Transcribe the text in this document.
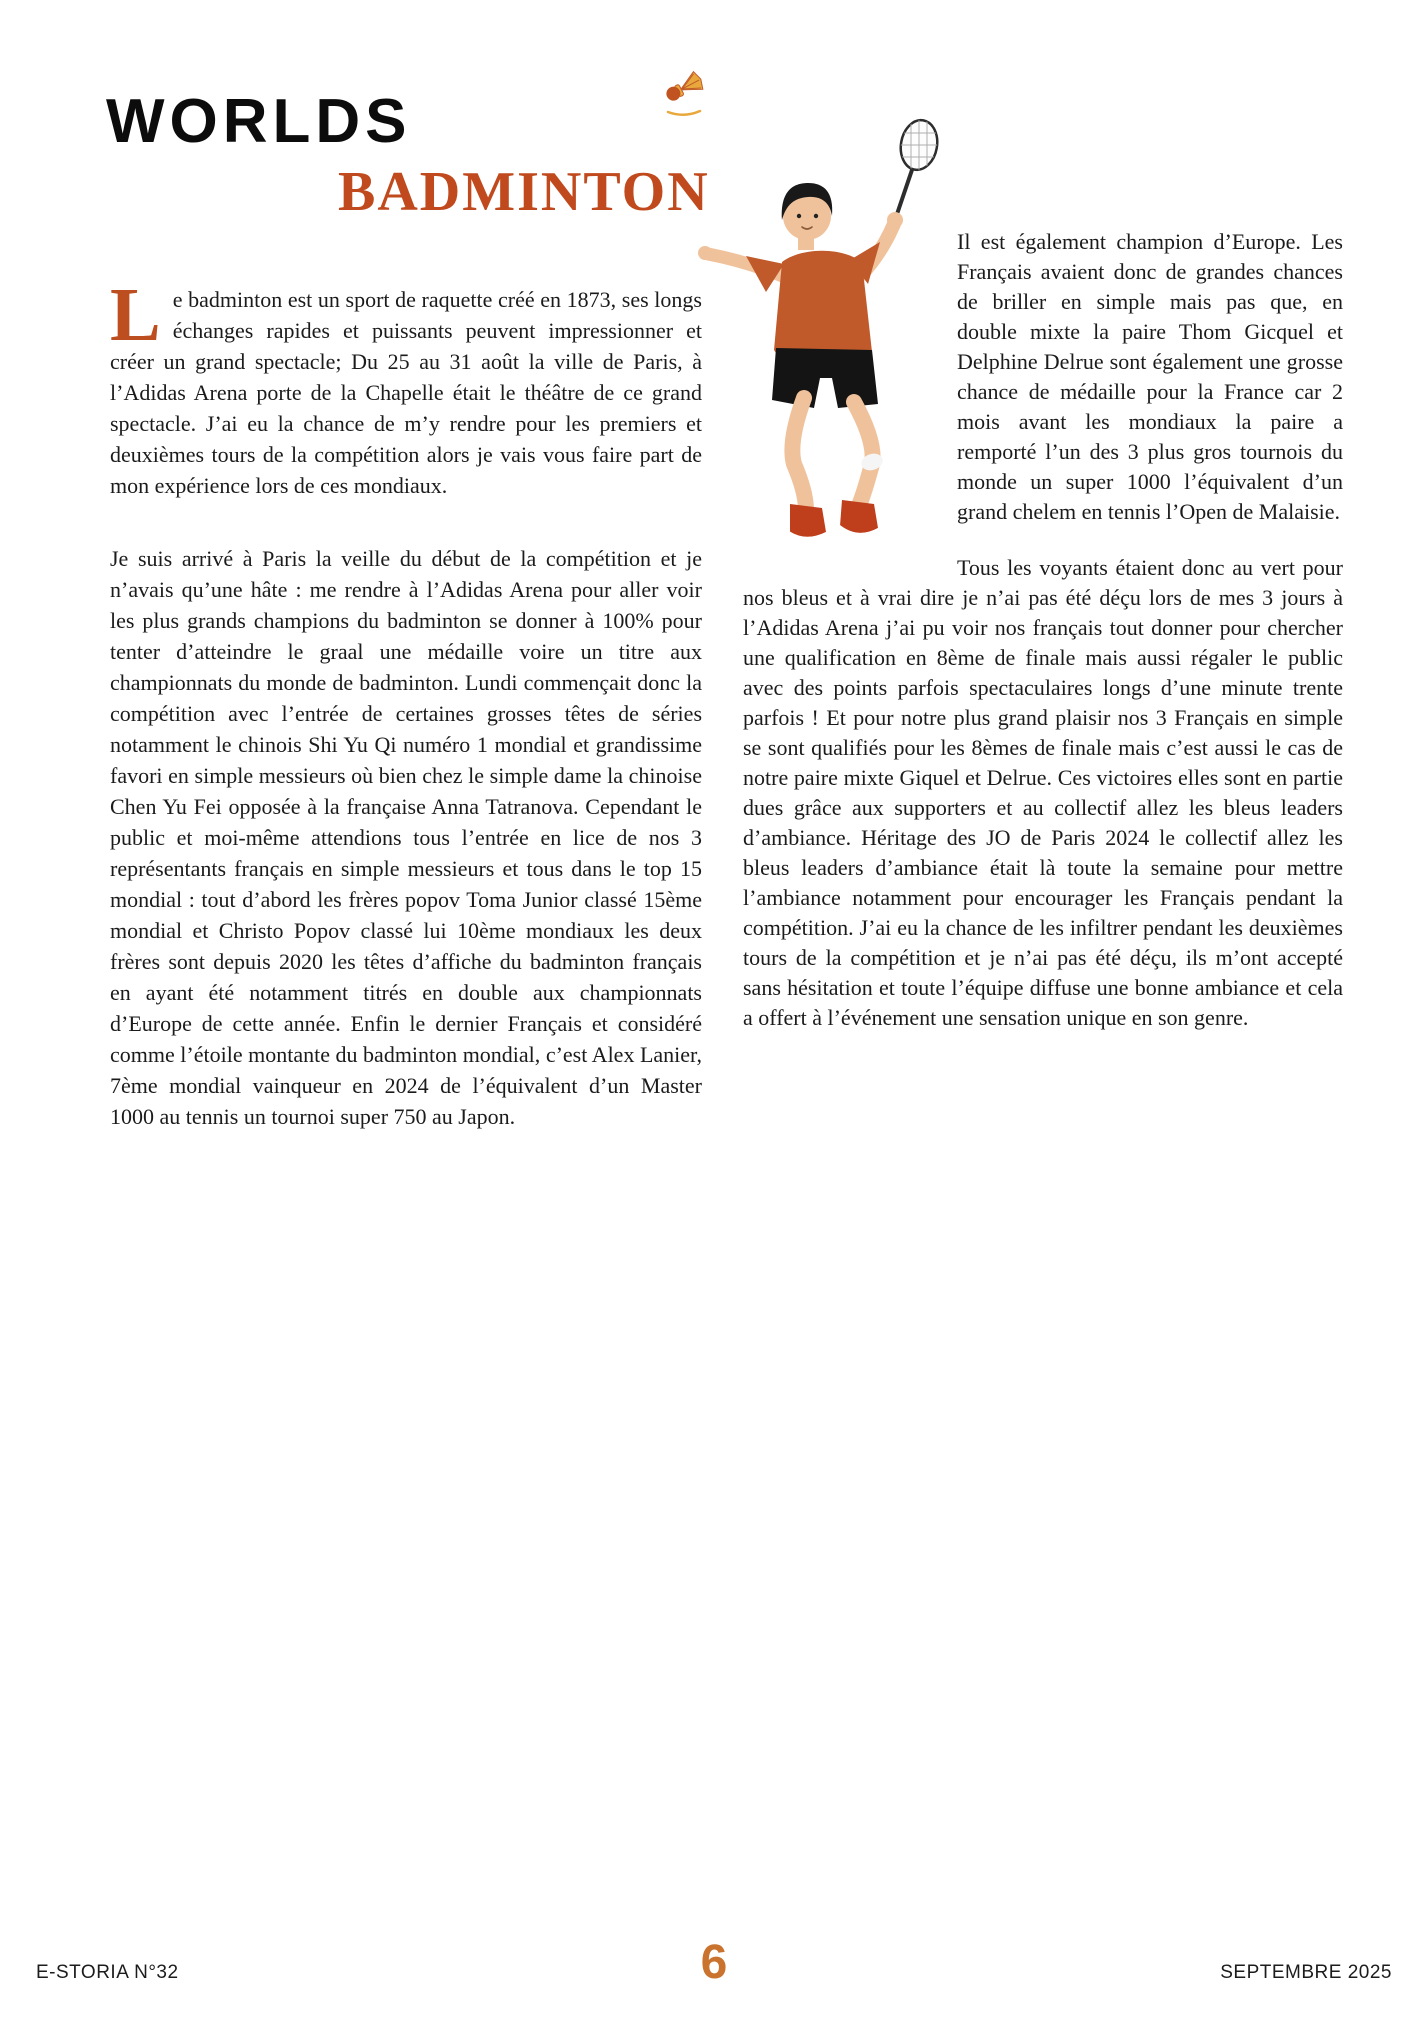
WORLDS
BADMINTON

L e badminton est un sport de raquette créé en 1873, ses longs échanges rapides et puissants peuvent impressionner et créer un grand spectacle; Du 25 au 31 août la ville de Paris, à l’Adidas Arena porte de la Chapelle était le théâtre de ce grand spectacle. J’ai eu la chance de m’y rendre pour les premiers et deuxièmes tours de la compétition alors je vais vous faire part de mon expérience lors de ces mondiaux.

Je suis arrivé à Paris la veille du début de la compétition et je n’avais qu’une hâte : me rendre à l’Adidas Arena pour aller voir les plus grands champions du badminton se donner à 100% pour tenter d’atteindre le graal une médaille voire un titre aux championnats du monde de badminton. Lundi commençait donc la compétition avec l’entrée de certaines grosses têtes de séries notamment le chinois Shi Yu Qi numéro 1 mondial et grandissime favori en simple messieurs où bien chez le simple dame la chinoise Chen Yu Fei opposée à la française Anna Tatranova. Cependant le public et moi-même attendions tous l’entrée en lice de nos 3 représentants français en simple messieurs et tous dans le top 15 mondial : tout d’abord les frères popov Toma Junior classé 15ème mondial et Christo Popov classé lui 10ème mondiaux les deux frères sont depuis 2020 les têtes d’affiche du badminton français en ayant été notamment titrés en double aux championnats d’Europe de cette année. Enfin le dernier Français et considéré comme l’étoile montante du badminton mondial, c’est Alex Lanier, 7ème mondial vainqueur en 2024 de l’équivalent d’un Master 1000 au tennis un tournoi super 750 au Japon.

Il est également champion d’Europe. Les Français avaient donc de grandes chances de briller en simple mais pas que, en double mixte la paire Thom Gicquel et Delphine Delrue sont également une grosse chance de médaille pour la France car 2 mois avant les mondiaux la paire a remporté l’un des 3 plus gros tournois du monde un super 1000 l’équivalent d’un grand chelem en tennis l’Open de Malaisie.

Tous les voyants étaient donc au vert pour nos bleus et à vrai dire je n’ai pas été déçu lors de mes 3 jours à l’Adidas Arena j’ai pu voir nos français tout donner pour chercher une qualification en 8ème de finale mais aussi régaler le public avec des points parfois spectaculaires longs d’une minute trente parfois ! Et pour notre plus grand plaisir nos 3 Français en simple se sont qualifiés pour les 8èmes de finale mais c’est aussi le cas de notre paire mixte Giquel et Delrue. Ces victoires elles sont en partie dues grâce aux supporters et au collectif allez les bleus leaders d’ambiance. Héritage des JO de Paris 2024 le collectif allez les bleus leaders d’ambiance était là toute la semaine pour mettre l’ambiance notamment pour encourager les Français pendant la compétition. J’ai eu la chance de les infiltrer pendant les deuxièmes tours de la compétition et je n’ai pas été déçu, ils m’ont accepté sans hésitation et toute l’équipe diffuse une bonne ambiance et cela a offert à l’événement une sensation unique en son genre.

E-STORIA N°32	6	SEPTEMBRE 2025
